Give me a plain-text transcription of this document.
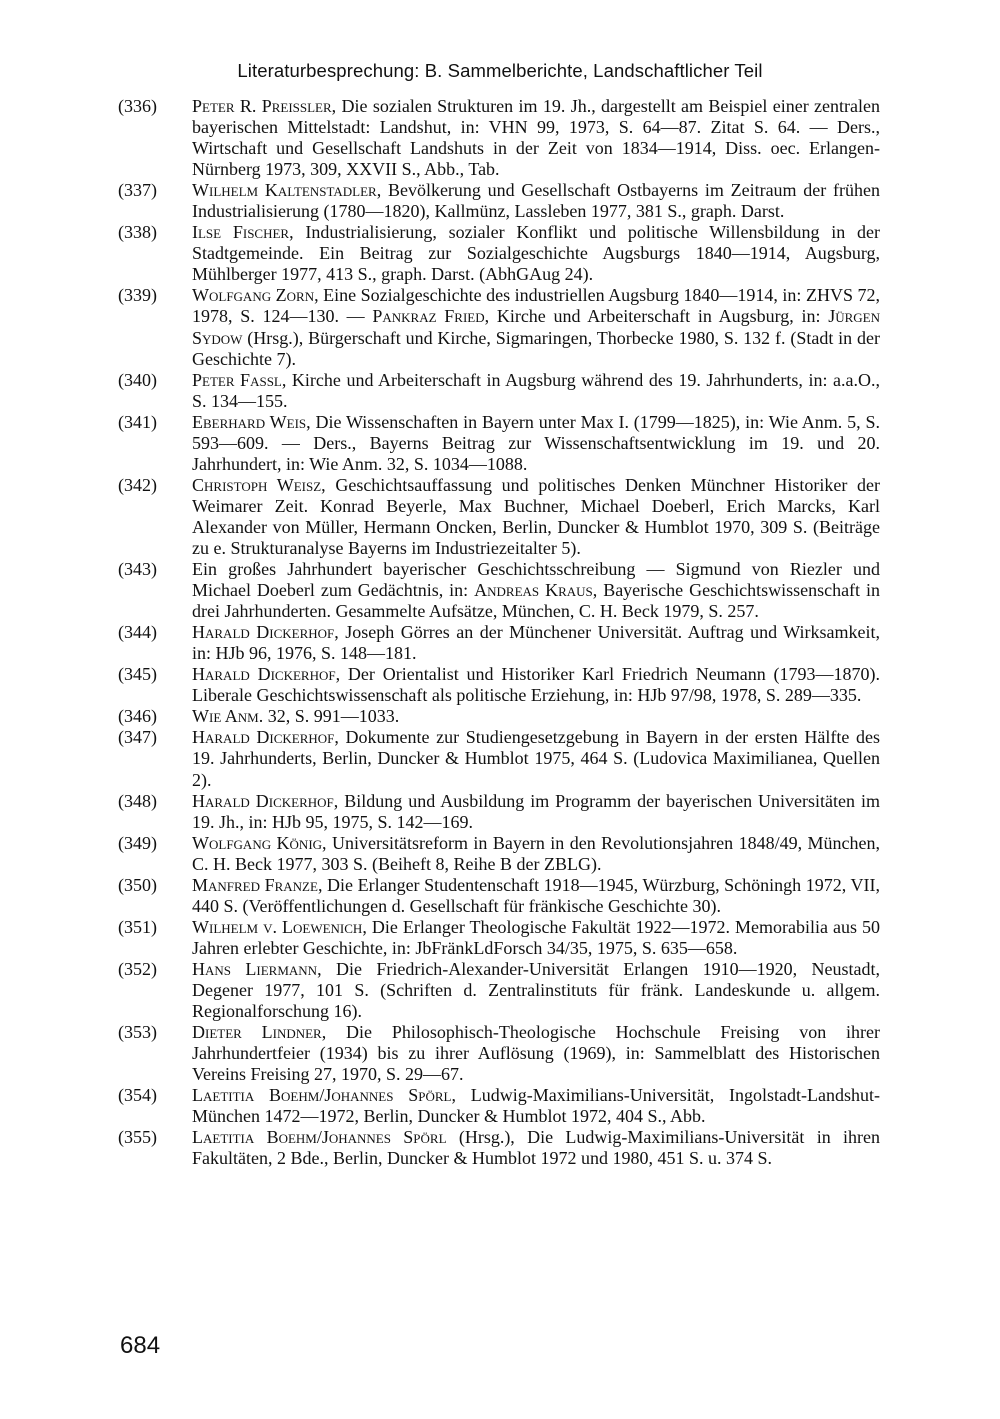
Literaturbesprechung: B. Sammelberichte, Landschaftlicher Teil
(336) Peter R. Preissler, Die sozialen Strukturen im 19. Jh., dargestellt am Beispiel einer zentralen bayerischen Mittelstadt: Landshut, in: VHN 99, 1973, S. 64—87. Zitat S. 64. — Ders., Wirtschaft und Gesellschaft Landshuts in der Zeit von 1834—1914, Diss. oec. Erlangen-Nürnberg 1973, 309, XXVII S., Abb., Tab.
(337) Wilhelm Kaltenstadler, Bevölkerung und Gesellschaft Ostbayerns im Zeitraum der frühen Industrialisierung (1780—1820), Kallmünz, Lassleben 1977, 381 S., graph. Darst.
(338) Ilse Fischer, Industrialisierung, sozialer Konflikt und politische Willensbildung in der Stadtgemeinde. Ein Beitrag zur Sozialgeschichte Augsburgs 1840—1914, Augsburg, Mühlberger 1977, 413 S., graph. Darst. (AbhGAug 24).
(339) Wolfgang Zorn, Eine Sozialgeschichte des industriellen Augsburg 1840—1914, in: ZHVS 72, 1978, S. 124—130. — Pankraz Fried, Kirche und Arbeiterschaft in Augsburg, in: Jürgen Sydow (Hrsg.), Bürgerschaft und Kirche, Sigmaringen, Thorbecke 1980, S. 132 f. (Stadt in der Geschichte 7).
(340) Peter Fassl, Kirche und Arbeiterschaft in Augsburg während des 19. Jahrhunderts, in: a.a.O., S. 134—155.
(341) Eberhard Weis, Die Wissenschaften in Bayern unter Max I. (1799—1825), in: Wie Anm. 5, S. 593—609. — Ders., Bayerns Beitrag zur Wissenschaftsentwicklung im 19. und 20. Jahrhundert, in: Wie Anm. 32, S. 1034—1088.
(342) Christoph Weisz, Geschichtsauffassung und politisches Denken Münchner Historiker der Weimarer Zeit. Konrad Beyerle, Max Buchner, Michael Doeberl, Erich Marcks, Karl Alexander von Müller, Hermann Oncken, Berlin, Duncker & Humblot 1970, 309 S. (Beiträge zu e. Strukturanalyse Bayerns im Industriezeitalter 5).
(343) Ein großes Jahrhundert bayerischer Geschichtsschreibung — Sigmund von Riezler und Michael Doeberl zum Gedächtnis, in: Andreas Kraus, Bayerische Geschichtswissenschaft in drei Jahrhunderten. Gesammelte Aufsätze, München, C. H. Beck 1979, S. 257.
(344) Harald Dickerhof, Joseph Görres an der Münchener Universität. Auftrag und Wirksamkeit, in: HJb 96, 1976, S. 148—181.
(345) Harald Dickerhof, Der Orientalist und Historiker Karl Friedrich Neumann (1793—1870). Liberale Geschichtswissenschaft als politische Erziehung, in: HJb 97/98, 1978, S. 289—335.
(346) Wie Anm. 32, S. 991—1033.
(347) Harald Dickerhof, Dokumente zur Studiengesetzgebung in Bayern in der ersten Hälfte des 19. Jahrhunderts, Berlin, Duncker & Humblot 1975, 464 S. (Ludovica Maximilianea, Quellen 2).
(348) Harald Dickerhof, Bildung und Ausbildung im Programm der bayerischen Universitäten im 19. Jh., in: HJb 95, 1975, S. 142—169.
(349) Wolfgang König, Universitätsreform in Bayern in den Revolutionsjahren 1848/49, München, C. H. Beck 1977, 303 S. (Beiheft 8, Reihe B der ZBLG).
(350) Manfred Franze, Die Erlanger Studentenschaft 1918—1945, Würzburg, Schöningh 1972, VII, 440 S. (Veröffentlichungen d. Gesellschaft für fränkische Geschichte 30).
(351) Wilhelm v. Loewenich, Die Erlanger Theologische Fakultät 1922—1972. Memorabilia aus 50 Jahren erlebter Geschichte, in: JbFränkLdForsch 34/35, 1975, S. 635—658.
(352) Hans Liermann, Die Friedrich-Alexander-Universität Erlangen 1910—1920, Neustadt, Degener 1977, 101 S. (Schriften d. Zentralinstituts für fränk. Landeskunde u. allgem. Regionalforschung 16).
(353) Dieter Lindner, Die Philosophisch-Theologische Hochschule Freising von ihrer Jahrhundertfeier (1934) bis zu ihrer Auflösung (1969), in: Sammelblatt des Historischen Vereins Freising 27, 1970, S. 29—67.
(354) Laetitia Boehm/Johannes Spörl, Ludwig-Maximilians-Universität, Ingolstadt-Landshut-München 1472—1972, Berlin, Duncker & Humblot 1972, 404 S., Abb.
(355) Laetitia Boehm/Johannes Spörl (Hrsg.), Die Ludwig-Maximilians-Universität in ihren Fakultäten, 2 Bde., Berlin, Duncker & Humblot 1972 und 1980, 451 S. u. 374 S.
684
